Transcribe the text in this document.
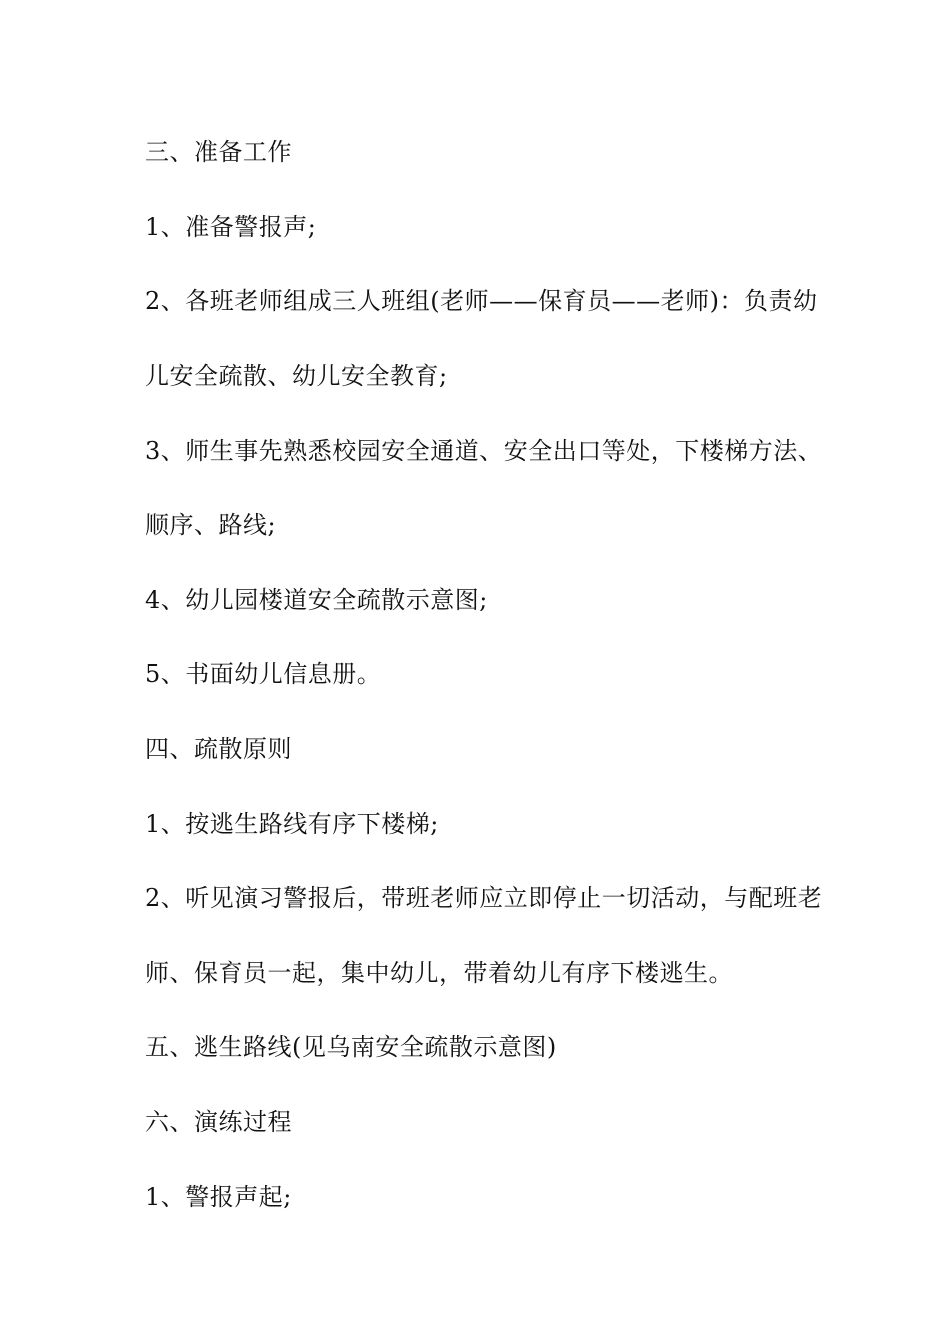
三、准备工作
1、准备警报声;
2、各班老师组成三人班组(老师——保育员——老师)：负责幼
儿安全疏散、幼儿安全教育;
3、师生事先熟悉校园安全通道、安全出口等处，下楼梯方法、
顺序、路线;
4、幼儿园楼道安全疏散示意图;
5、书面幼儿信息册。
四、疏散原则
1、按逃生路线有序下楼梯;
2、听见演习警报后，带班老师应立即停止一切活动，与配班老
师、保育员一起，集中幼儿，带着幼儿有序下楼逃生。
五、逃生路线(见乌南安全疏散示意图)
六、演练过程
1、警报声起;
